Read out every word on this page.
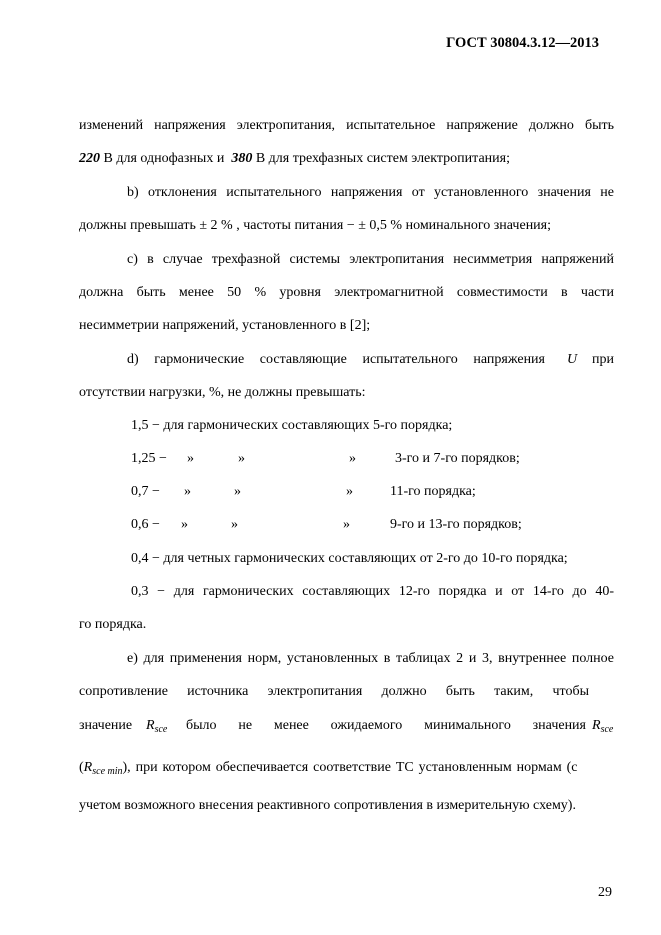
ГОСТ 30804.3.12—2013
изменений напряжения электропитания, испытательное напряжение должно быть
220 В для однофазных и 380 В для трехфазных систем электропитания;
b) отклонения испытательного напряжения от установленного значения не
должны превышать ± 2 % , частоты питания − ± 0,5 % номинального значения;
c) в случае трехфазной системы электропитания несимметрия напряжений
должна быть менее 50 % уровня электромагнитной совместимости в части
несимметрии напряжений, установленного в [2];
d) гармонические составляющие испытательного напряжения U при
отсутствии нагрузки, %, не должны превышать:
1,5 − для гармонических составляющих 5-го порядка;
1,25 − »	»	»	3-го и 7-го порядков;
0,7 − »	»	»	11-го порядка;
0,6 − »	»	»	9-го и 13-го порядков;
0,4 − для четных гармонических составляющих от 2-го до 10-го порядка;
0,3 − для гармонических составляющих 12-го порядка и от 14-го до 40-
го порядка.
е) для применения норм, установленных в таблицах 2 и 3, внутреннее полное
сопротивление источника электропитания должно быть таким, чтобы
значение $R_{sce}$ было не менее ожидаемого минимального значения $R_{sce}$
$(R_{sce min})$, при котором обеспечивается соответствие ТС установленным нормам (с
учетом возможного внесения реактивного сопротивления в измерительную схему).
29
